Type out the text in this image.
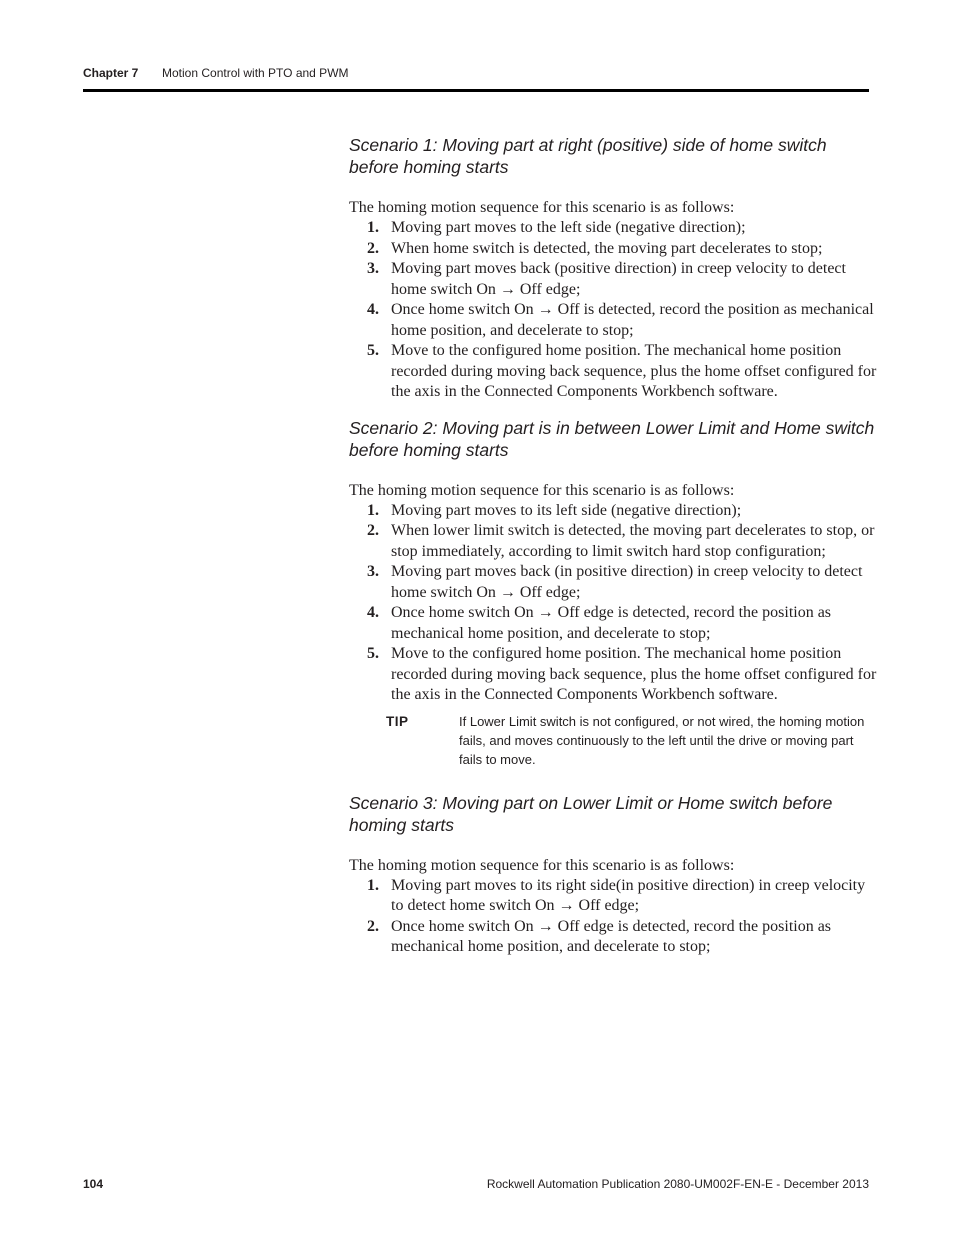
Chapter 7 Motion Control with PTO and PWM

Scenario 1: Moving part at right (positive) side of home switch before homing starts

The homing motion sequence for this scenario is as follows:

1. Moving part moves to the left side (negative direction);
2. When home switch is detected, the moving part decelerates to stop;
3. Moving part moves back (positive direction) in creep velocity to detect home switch On → Off edge;
4. Once home switch On → Off is detected, record the position as mechanical home position, and decelerate to stop;
5. Move to the configured home position. The mechanical home position recorded during moving back sequence, plus the home offset configured for the axis in the Connected Components Workbench software.

Scenario 2: Moving part is in between Lower Limit and Home switch before homing starts

The homing motion sequence for this scenario is as follows:

1. Moving part moves to its left side (negative direction);
2. When lower limit switch is detected, the moving part decelerates to stop, or stop immediately, according to limit switch hard stop configuration;
3. Moving part moves back (in positive direction) in creep velocity to detect home switch On → Off edge;
4. Once home switch On → Off edge is detected, record the position as mechanical home position, and decelerate to stop;
5. Move to the configured home position. The mechanical home position recorded during moving back sequence, plus the home offset configured for the axis in the Connected Components Workbench software.
TIP	If Lower Limit switch is not configured, or not wired, the homing motion fails, and moves continuously to the left until the drive or moving part fails to move.

Scenario 3: Moving part on Lower Limit or Home switch before homing starts

The homing motion sequence for this scenario is as follows:

1. Moving part moves to its right side(in positive direction) in creep velocity to detect home switch On → Off edge;
2. Once home switch On → Off edge is detected, record the position as mechanical home position, and decelerate to stop;
104	Rockwell Automation Publication 2080-UM002F-EN-E - December 2013
